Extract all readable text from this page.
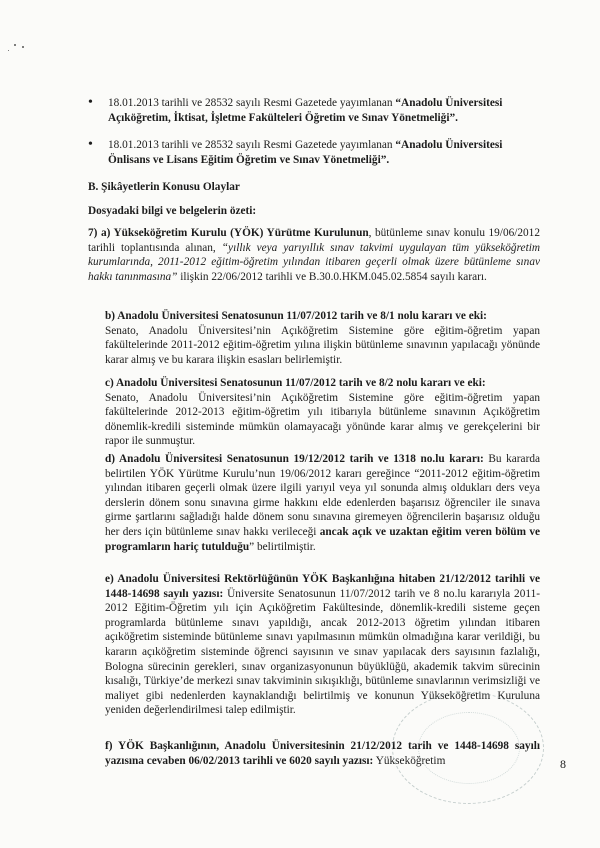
• 18.01.2013 tarihli ve 28532 sayılı Resmi Gazetede yayımlanan “Anadolu Üniversitesi Açıköğretim, İktisat, İşletme Fakülteleri Öğretim ve Sınav Yönetmeliği”.
• 18.01.2013 tarihli ve 28532 sayılı Resmi Gazetede yayımlanan “Anadolu Üniversitesi Önlisans ve Lisans Eğitim Öğretim ve Sınav Yönetmeliği”.
B. Şikâyetlerin Konusu Olaylar
Dosyadaki bilgi ve belgelerin özeti:
7) a) Yükseköğretim Kurulu (YÖK) Yürütme Kurulunun, bütünleme sınav konulu 19/06/2012 tarihli toplantısında alınan, “yıllık veya yarıyıllık sınav takvimi uygulayan tüm yükseköğretim kurumlarında, 2011-2012 eğitim-öğretim yılından itibaren geçerli olmak üzere bütünleme sınav hakkı tanınmasına” ilişkin 22/06/2012 tarihli ve B.30.0.HKM.045.02.5854 sayılı kararı.
b) Anadolu Üniversitesi Senatosunun 11/07/2012 tarih ve 8/1 nolu kararı ve eki:
Senato, Anadolu Üniversitesi’nin Açıköğretim Sistemine göre eğitim-öğretim yapan fakültelerinde 2011-2012 eğitim-öğretim yılına ilişkin bütünleme sınavının yapılacağı yönünde karar almış ve bu karara ilişkin esasları belirlemiştir.
c) Anadolu Üniversitesi Senatosunun 11/07/2012 tarih ve 8/2 nolu kararı ve eki:
Senato, Anadolu Üniversitesi’nin Açıköğretim Sistemine göre eğitim-öğretim yapan fakültelerinde 2012-2013 eğitim-öğretim yılı itibarıyla bütünleme sınavının Açıköğretim dönemlik-kredili sisteminde mümkün olamayacağı yönünde karar almış ve gerekçelerini bir rapor ile sunmuştur.
d) Anadolu Üniversitesi Senatosunun 19/12/2012 tarih ve 1318 no.lu kararı: Bu kararda belirtilen YÖK Yürütme Kurulu’nun 19/06/2012 kararı gereğince “2011-2012 eğitim-öğretim yılından itibaren geçerli olmak üzere ilgili yarıyıl veya yıl sonunda almış oldukları ders veya derslerin dönem sonu sınavına girme hakkını elde edenlerden başarısız öğrenciler ile sınava girme şartlarını sağladığı halde dönem sonu sınavına giremeyen öğrencilerin başarısız olduğu her ders için bütünleme sınav hakkı verileceği ancak açık ve uzaktan eğitim veren bölüm ve programların hariç tutulduğu” belirtilmiştir.
e) Anadolu Üniversitesi Rektörlüğünün YÖK Başkanlığına hitaben 21/12/2012 tarihli ve 1448-14698 sayılı yazısı: Üniversite Senatosunun 11/07/2012 tarih ve 8 no.lu kararıyla 2011-2012 Eğitim-Öğretim yılı için Açıköğretim Fakültesinde, dönemlik-kredili sisteme geçen programlarda bütünleme sınavı yapıldığı, ancak 2012-2013 öğretim yılından itibaren açıköğretim sisteminde bütünleme sınavı yapılmasının mümkün olmadığına karar verildiği, bu kararın açıköğretim sisteminde öğrenci sayısının ve sınav yapılacak ders sayısının fazlalığı, Bologna sürecinin gerekleri, sınav organizasyonunun büyüklüğü, akademik takvim sürecinin kısalığı, Türkiye’de merkezi sınav takviminin sıkışıklığı, bütünleme sınavlarının verimsizliği ve maliyet gibi nedenlerden kaynaklandığı belirtilmiş ve konunun Yükseköğretim Kuruluna yeniden değerlendirilmesi talep edilmiştir.
f) YÖK Başkanlığının, Anadolu Üniversitesinin 21/12/2012 tarih ve 1448-14698 sayılı yazısına cevaben 06/02/2013 tarihli ve 6020 sayılı yazısı: Yükseköğretim	8
